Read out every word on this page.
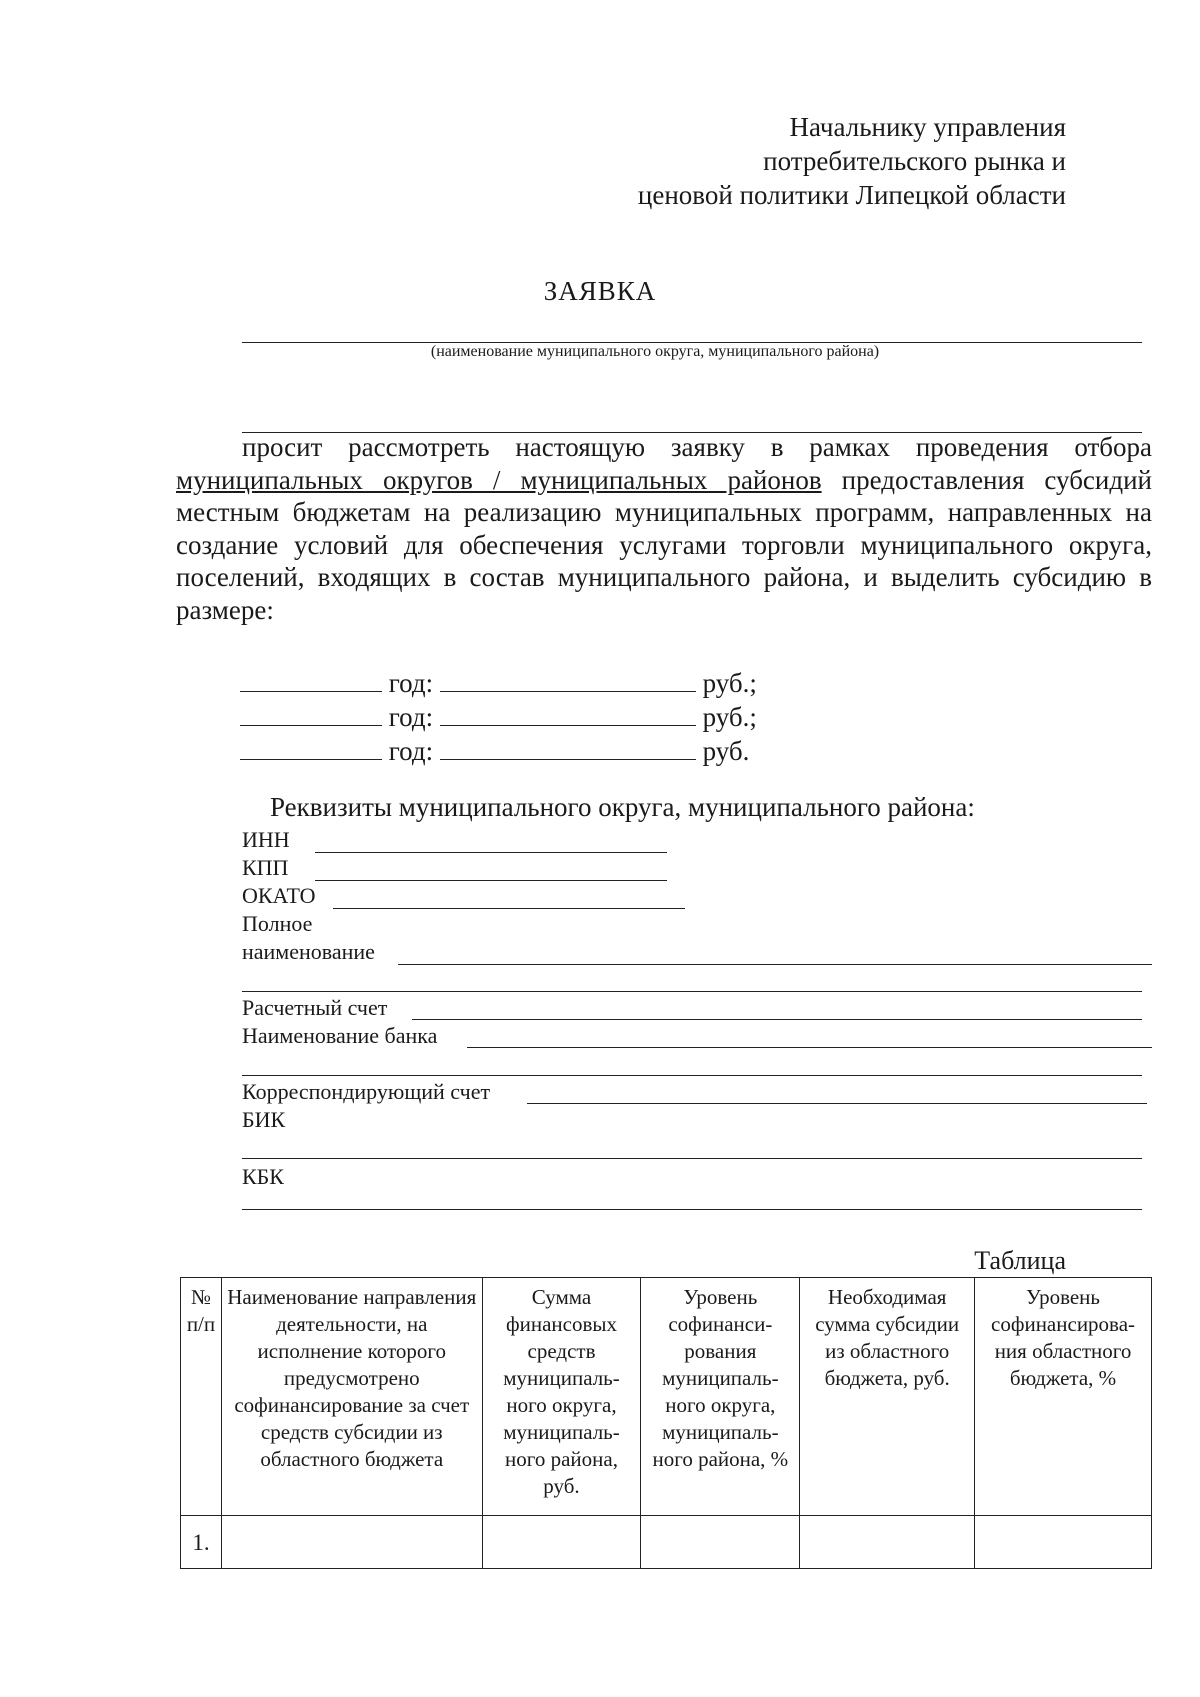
Начальнику управления
потребительского рынка и
ценовой политики Липецкой области
ЗАЯВКА
(наименование муниципального округа, муниципального района)
просит рассмотреть настоящую заявку в рамках проведения отбора муниципальных округов / муниципальных районов предоставления субсидий местным бюджетам на реализацию муниципальных программ, направленных на создание условий для обеспечения услугами торговли муниципального округа, поселений, входящих в состав муниципального района, и выделить субсидию в размере:
год:	руб.;
год:	руб.;
год:	руб.
Реквизиты муниципального округа, муниципального района:
ИНН
КПП
ОКАТО
Полное
наименование
Расчетный счет
Наименование банка
Корреспондирующий счет
БИК
КБК
Таблица
№ п/п	Наименование направления деятельности, на исполнение которого предусмотрено софинансирование за счет средств субсидии из областного бюджета	Сумма финансовых средств муниципаль-ного округа, муниципаль-ного района, руб.	Уровень софинанси-рования муниципаль-ного округа, муниципаль-ного района, %	Необходимая сумма субсидии из областного бюджета, руб.	Уровень софинансирова-ния областного бюджета, %
1.					
